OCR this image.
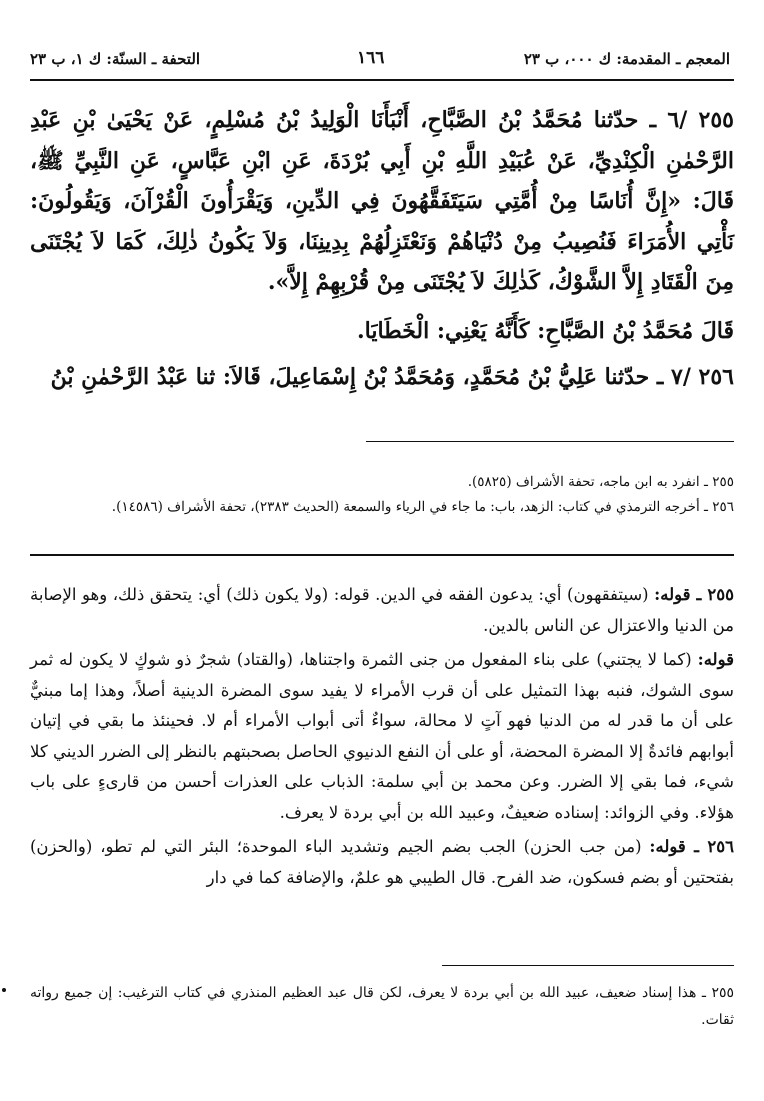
المعجم ـ المقدمة: ك ٠٠٠، ب ٢٣
١٦٦
التحفة ـ السنّة: ك ١، ب ٢٣

٢٥٥ /٦ ـ حدّثنا مُحَمَّدُ بْنُ الصَّبَّاحِ، أَنْبَأَنَا الْوَلِيدُ بْنُ مُسْلِمٍ، عَنْ يَحْيَىٰ بْنِ عَبْدِ الرَّحْمٰنِ الْكِنْدِيِّ، عَنْ عُبَيْدِ اللَّهِ بْنِ أَبِي بُرْدَةَ، عَنِ ابْنِ عَبَّاسٍ، عَنِ النَّبِيِّ ﷺ، قَالَ: «إِنَّ أُنَاسًا مِنْ أُمَّتِي سَيَتَفَقَّهُونَ فِي الدِّينِ، وَيَقْرَأُونَ الْقُرْآنَ، وَيَقُولُونَ: نَأْتِي الأُمَرَاءَ فَنُصِيبُ مِنْ دُنْيَاهُمْ وَنَعْتَزِلُهُمْ بِدِينِنَا، وَلاَ يَكُونُ ذٰلِكَ، كَمَا لاَ يُجْتَنَى مِنَ الْقَتَادِ إِلاَّ الشَّوْكُ، كَذٰلِكَ لاَ يُجْتَنَى مِنْ قُرْبِهِمْ إِلاَّ».

قَالَ مُحَمَّدُ بْنُ الصَّبَّاحِ: كَأَنَّهُ يَعْنِي: الْخَطَايَا.

٢٥٦ /٧ ـ حدّثنا عَلِيُّ بْنُ مُحَمَّدٍ، وَمُحَمَّدُ بْنُ إِسْمَاعِيلَ، قَالاَ: ثنا عَبْدُ الرَّحْمٰنِ بْنُ

٢٥٥ ـ انفرد به ابن ماجه، تحفة الأشراف (٥٨٢٥).

٢٥٦ ـ أخرجه الترمذي في كتاب: الزهد، باب: ما جاء في الرياء والسمعة (الحديث ٢٣٨٣)، تحفة الأشراف (١٤٥٨٦).

٢٥٥ ـ قوله: (سيتفقهون) أي: يدعون الفقه في الدين. قوله: (ولا يكون ذلك) أي: يتحقق ذلك، وهو الإصابة من الدنيا والاعتزال عن الناس بالدين.

قوله: (كما لا يجتني) على بناء المفعول من جنى الثمرة واجتناها، (والقتاد) شجرٌ ذو شوكٍ لا يكون له ثمر سوى الشوك، فنبه بهذا التمثيل على أن قرب الأمراء لا يفيد سوى المضرة الدينية أصلاً، وهذا إما مبنيٌّ على أن ما قدر له من الدنيا فهو آتٍ لا محالة، سواءٌ أتى أبواب الأمراء أم لا. فحينئذ ما بقي في إتيان أبوابهم فائدةٌ إلا المضرة المحضة، أو على أن النفع الدنيوي الحاصل بصحبتهم بالنظر إلى الضرر الديني كلا شيء، فما بقي إلا الضرر. وعن محمد بن أبي سلمة: الذباب على العذرات أحسن من قارىءٍ على باب هؤلاء. وفي الزوائد: إسناده ضعيفٌ، وعبيد الله بن أبي بردة لا يعرف.

٢٥٦ ـ قوله: (من جب الحزن) الجب بضم الجيم وتشديد الباء الموحدة؛ البئر التي لم تطو، (والحزن) بفتحتين أو بضم فسكون، ضد الفرح. قال الطيبي هو علمٌ، والإضافة كما في دار

٢٥٥ ـ هذا إسناد ضعيف، عبيد الله بن أبي بردة لا يعرف، لكن قال عبد العظيم المنذري في كتاب الترغيب: إن جميع رواته ثقات.
